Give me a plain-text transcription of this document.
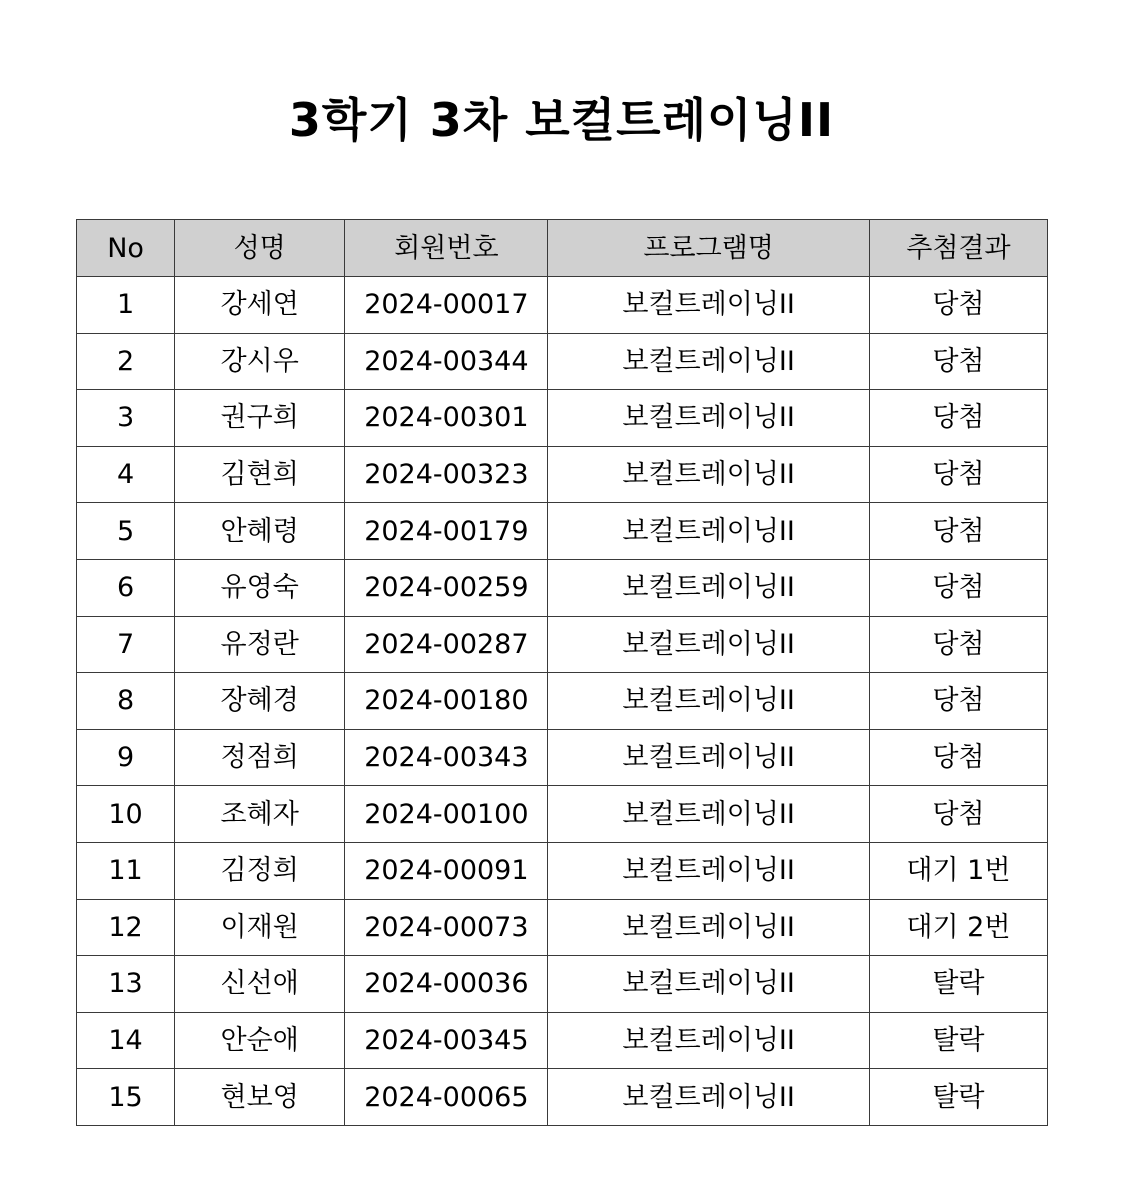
3학기 3차 보컬트레이닝II
No	성명	회원번호	프로그램명	추첨결과
1	강세연	2024-00017	보컬트레이닝II	당첨
2	강시우	2024-00344	보컬트레이닝II	당첨
3	권구희	2024-00301	보컬트레이닝II	당첨
4	김현희	2024-00323	보컬트레이닝II	당첨
5	안혜령	2024-00179	보컬트레이닝II	당첨
6	유영숙	2024-00259	보컬트레이닝II	당첨
7	유정란	2024-00287	보컬트레이닝II	당첨
8	장혜경	2024-00180	보컬트레이닝II	당첨
9	정점희	2024-00343	보컬트레이닝II	당첨
10	조혜자	2024-00100	보컬트레이닝II	당첨
11	김정희	2024-00091	보컬트레이닝II	대기 1번
12	이재원	2024-00073	보컬트레이닝II	대기 2번
13	신선애	2024-00036	보컬트레이닝II	탈락
14	안순애	2024-00345	보컬트레이닝II	탈락
15	현보영	2024-00065	보컬트레이닝II	탈락
